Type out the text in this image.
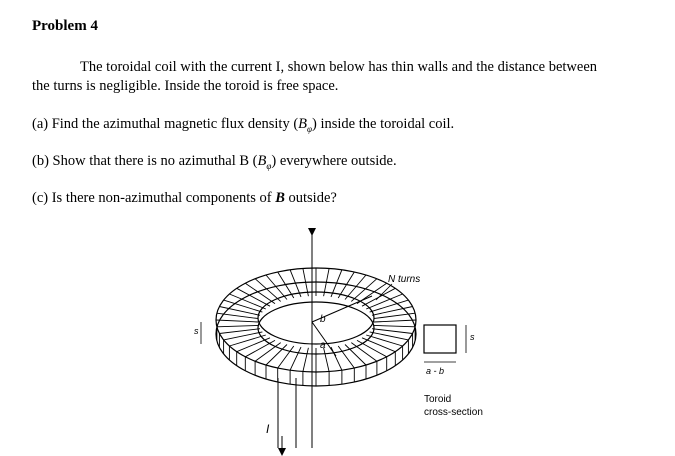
Problem 4
The toroidal coil with the current I, shown below has thin walls and the distance between
the turns is negligible. Inside the toroid is free space.
(a) Find the azimuthal magnetic flux density $(B_\varphi)$ inside the toroidal coil.
(b) Show that there is no azimuthal B $(B_\varphi)$ everywhere outside.
(c) Is there non-azimuthal components of B outside?
N turns
b
a
I
s
s
a - b
Toroid
cross-section
